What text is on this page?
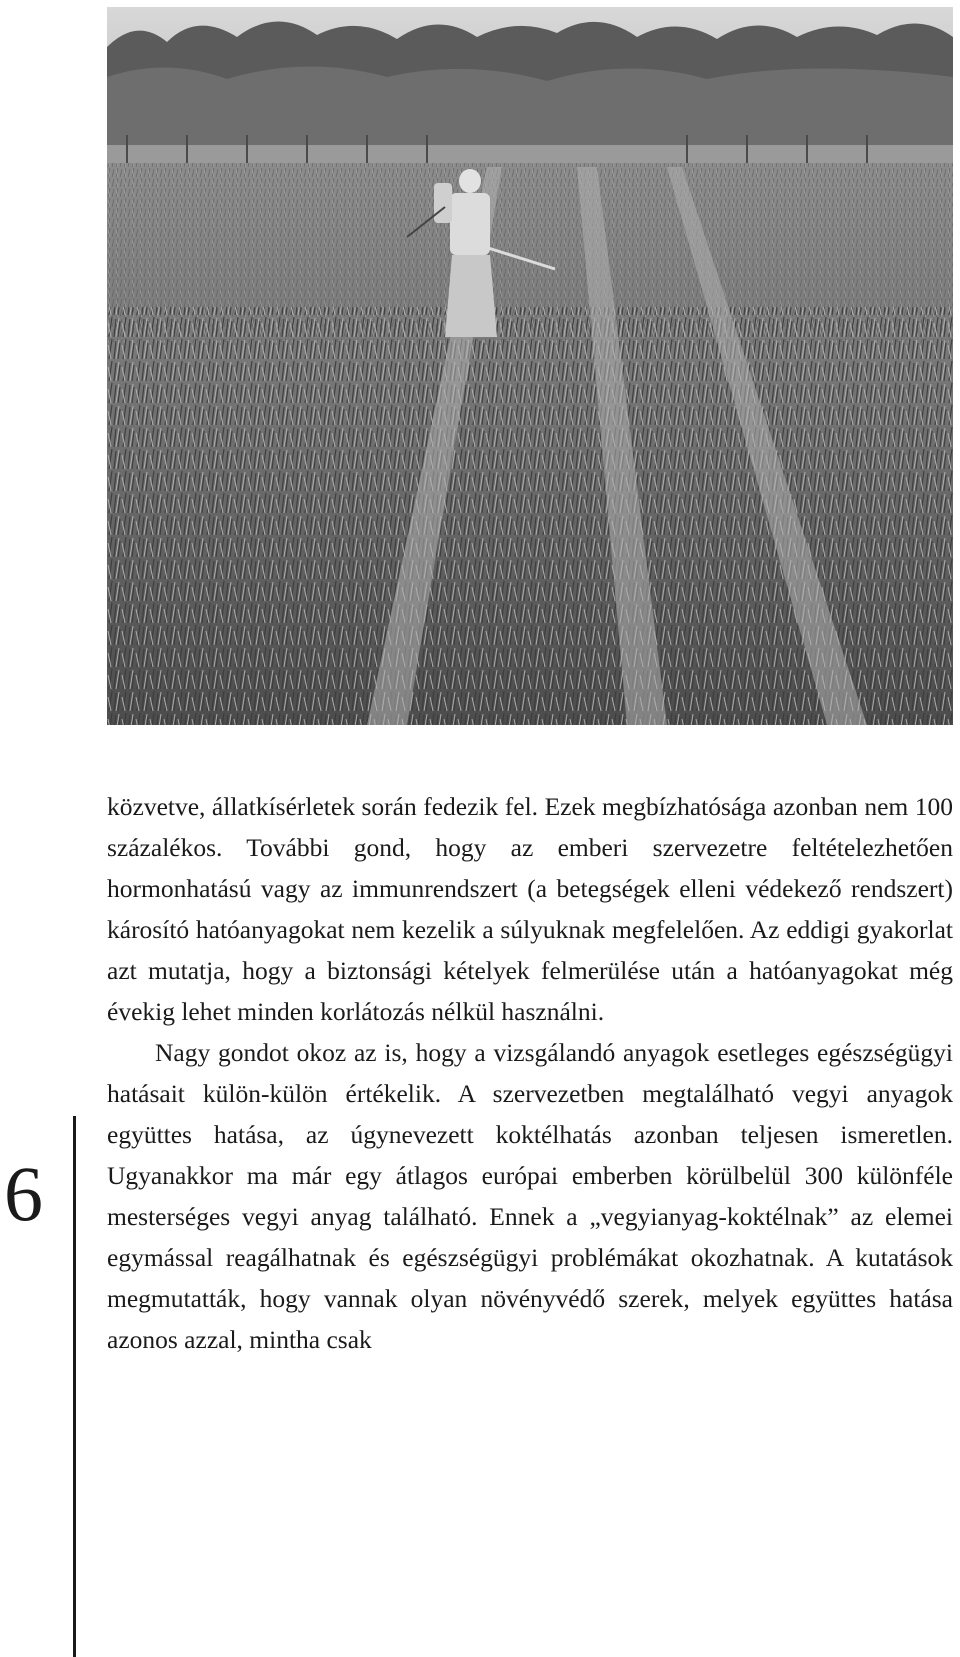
6

közvetve, állatkísérletek során fedezik fel. Ezek megbízhatósága azonban nem 100 százalékos. További gond, hogy az emberi szervezetre feltételezhetően hormonhatású vagy az immunrendszert (a betegségek elleni védekező rendszert) károsító hatóanyagokat nem kezelik a súlyuknak megfelelően. Az eddigi gyakorlat azt mutatja, hogy a biztonsági kételyek felmerülése után a hatóanyagokat még évekig lehet minden korlátozás nélkül használni.

Nagy gondot okoz az is, hogy a vizsgálandó anyagok esetleges egészségügyi hatásait külön-külön értékelik. A szervezetben megtalálható vegyi anyagok együttes hatása, az úgynevezett koktélhatás azonban teljesen ismeretlen. Ugyanakkor ma már egy átlagos európai emberben körülbelül 300 különféle mesterséges vegyi anyag található. Ennek a „vegyianyag-koktélnak” az elemei egymással reagálhatnak és egészségügyi problémákat okozhatnak. A kutatások megmutatták, hogy vannak olyan növényvédő szerek, melyek együttes hatása azonos azzal, mintha csak
